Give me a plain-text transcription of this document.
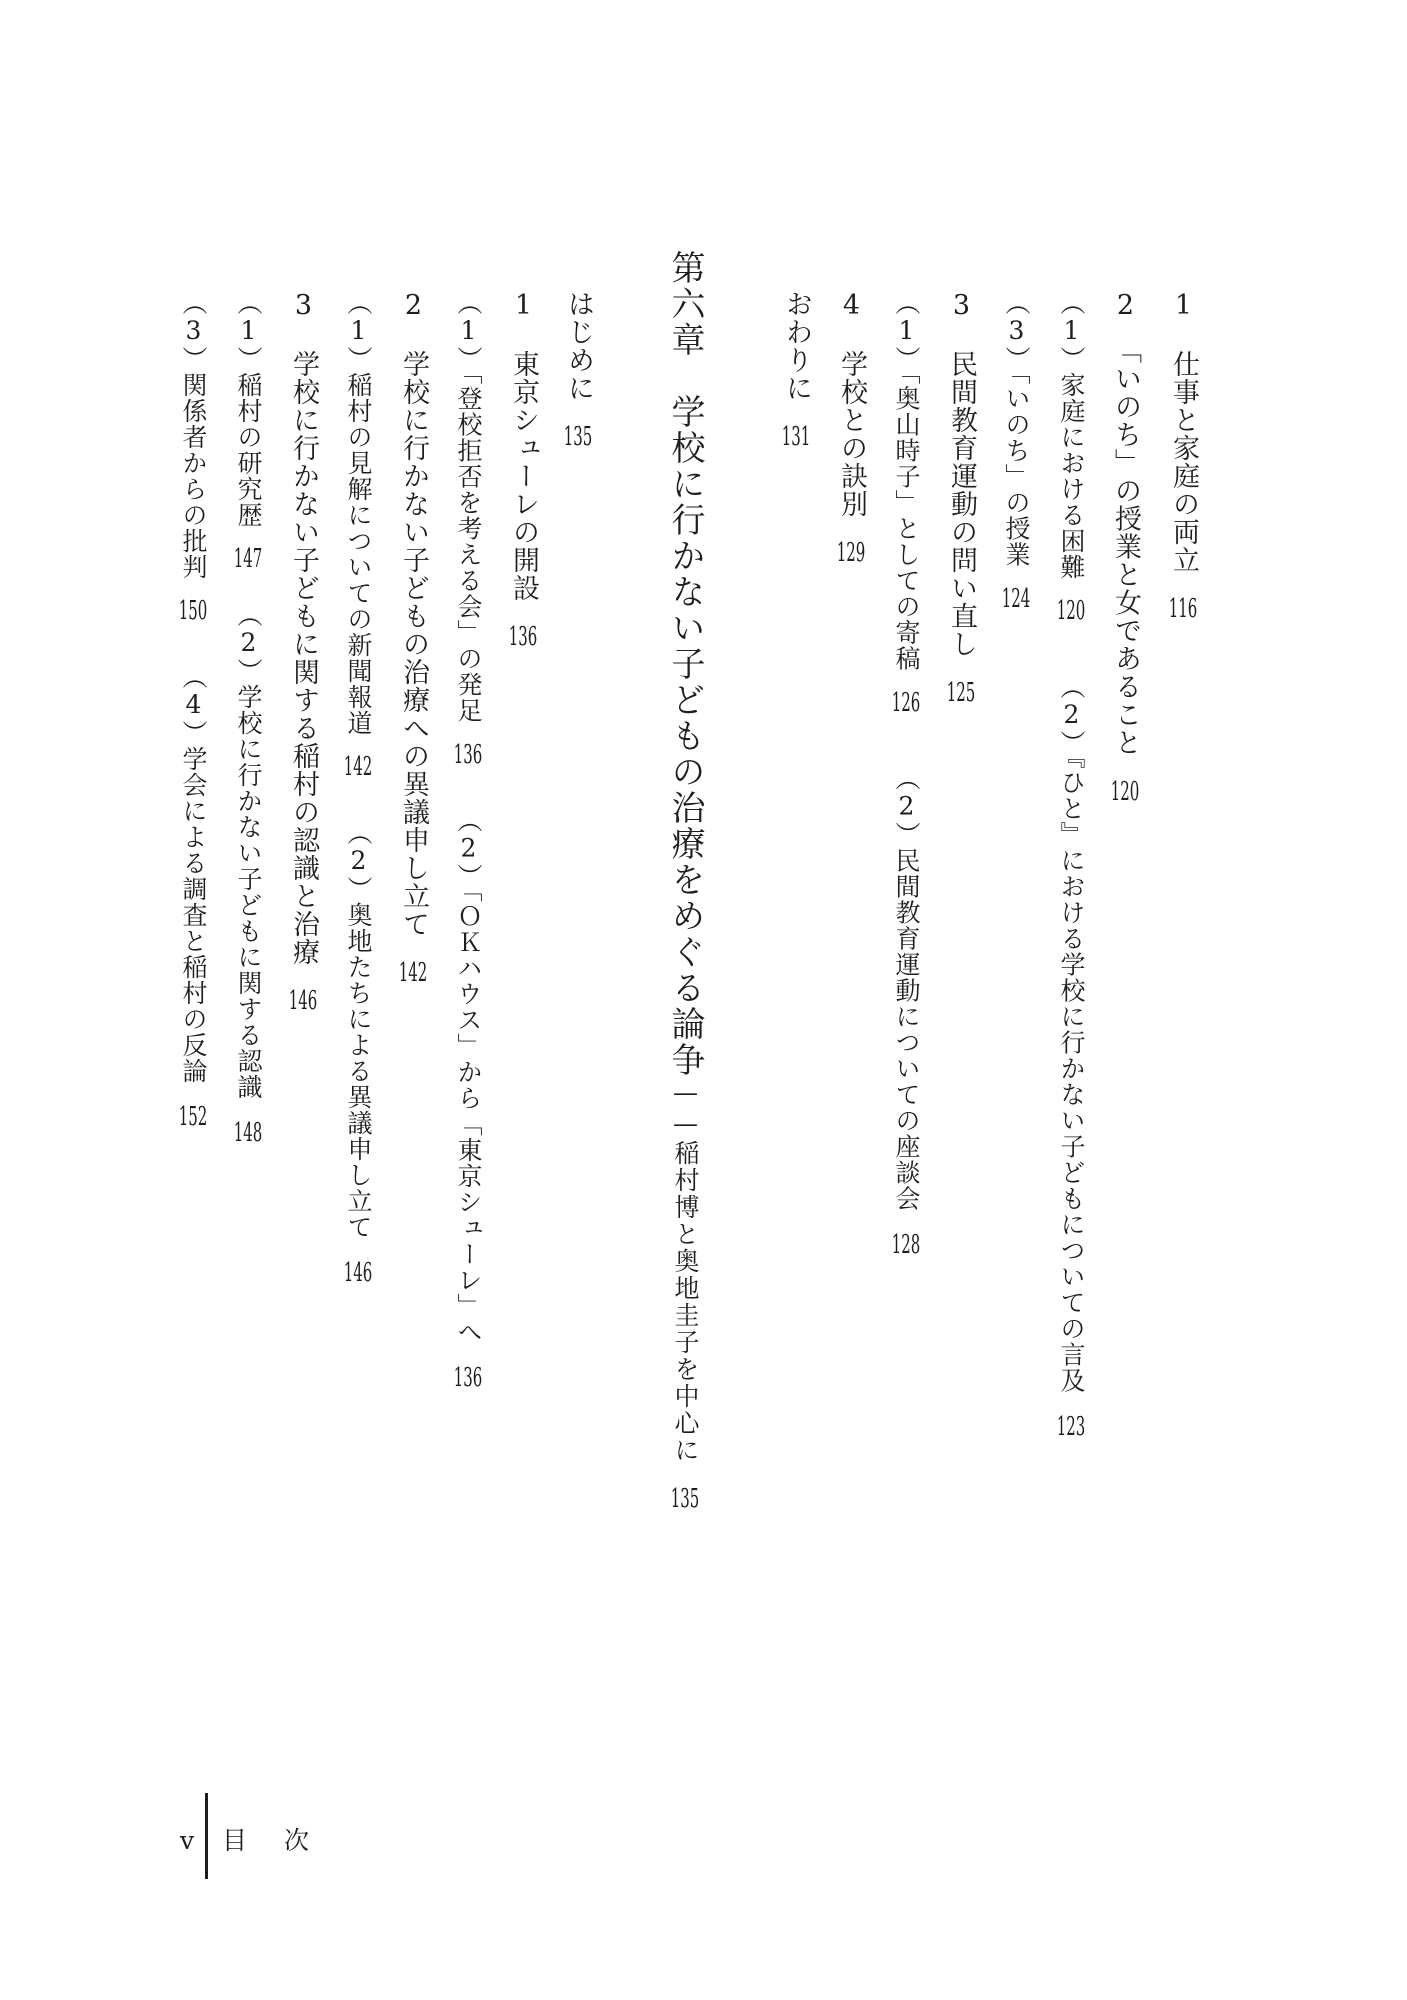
1　仕事と家庭の両立116
2　「いのち」の授業と女であること120
（1）家庭における困難120（2）『ひと』における学校に行かない子どもについての言及123
（3）「いのち」の授業124
3　民間教育運動の問い直し125
（1）「奥山時子」としての寄稿126（2）民間教育運動についての座談会128
4　学校との訣別129
おわりに131
第六章　学校に行かない子どもの治療をめぐる論争——稲村博と奥地圭子を中心に135
はじめに135
1　東京シューレの開設136
（1）「登校拒否を考える会」の発足136（2）「ＯＫハウス」から「東京シューレ」へ136
2　学校に行かない子どもの治療への異議申し立て142
（1）稲村の見解についての新聞報道142（2）奥地たちによる異議申し立て146
3　学校に行かない子どもに関する稲村の認識と治療146
（1）稲村の研究歴147（2）学校に行かない子どもに関する認識148
（3）関係者からの批判150（4）学会による調査と稲村の反論152
v 目　次
